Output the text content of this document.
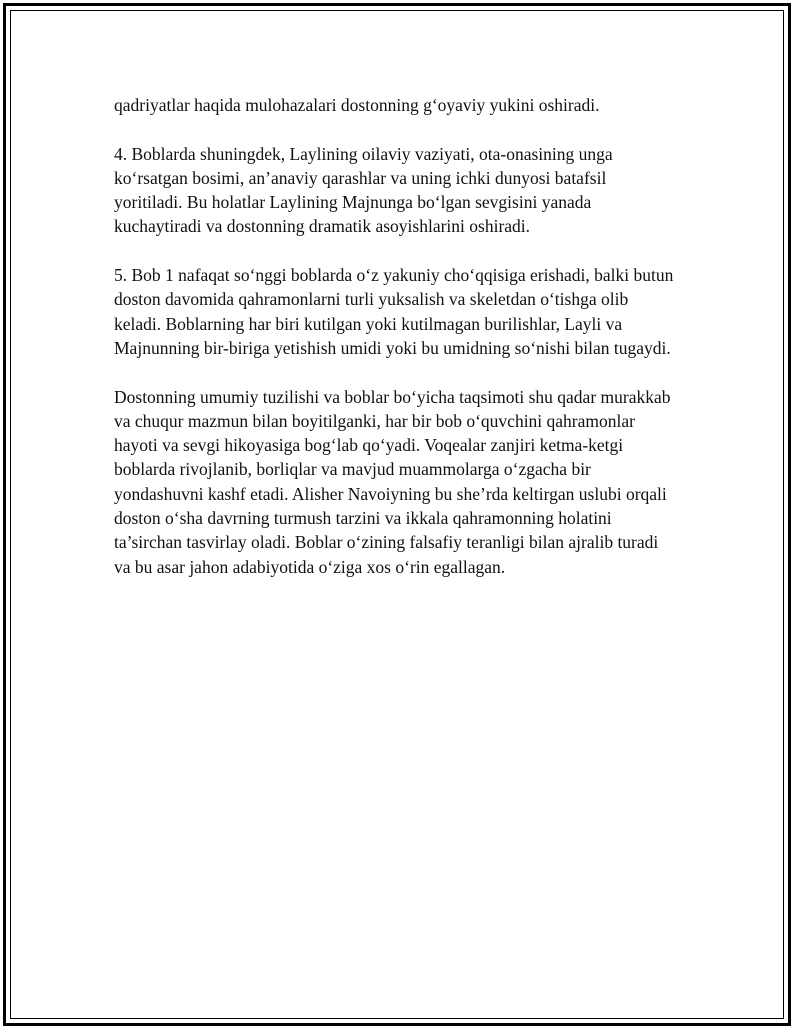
qadriyatlar haqida mulohazalari dostonning g‘oyaviy yukini oshiradi.

4. Boblarda shuningdek, Laylining oilaviy vaziyati, ota-onasining unga ko‘rsatgan bosimi, an’anaviy qarashlar va uning ichki dunyosi batafsil yoritiladi. Bu holatlar Laylining Majnunga bo‘lgan sevgisini yanada kuchaytiradi va dostonning dramatik asoyishlarini oshiradi.

5. Bob 1 nafaqat so‘nggi boblarda o‘z yakuniy cho‘qqisiga erishadi, balki butun doston davomida qahramonlarni turli yuksalish va skeletdan o‘tishga olib keladi. Boblarning har biri kutilgan yoki kutilmagan burilishlar, Layli va Majnunning bir-biriga yetishish umidi yoki bu umidning so‘nishi bilan tugaydi.

Dostonning umumiy tuzilishi va boblar bo‘yicha taqsimoti shu qadar murakkab va chuqur mazmun bilan boyitilganki, har bir bob o‘quvchini qahramonlar hayoti va sevgi hikoyasiga bog‘lab qo‘yadi. Voqealar zanjiri ketma-ketgi boblarda rivojlanib, borliqlar va mavjud muammolarga o‘zgacha bir yondashuvni kashf etadi. Alisher Navoiyning bu she’rda keltirgan uslubi orqali doston o‘sha davrning turmush tarzini va ikkala qahramonning holatini ta’sirchan tasvirlay oladi. Boblar o‘zining falsafiy teranligi bilan ajralib turadi va bu asar jahon adabiyotida o‘ziga xos o‘rin egallagan.
